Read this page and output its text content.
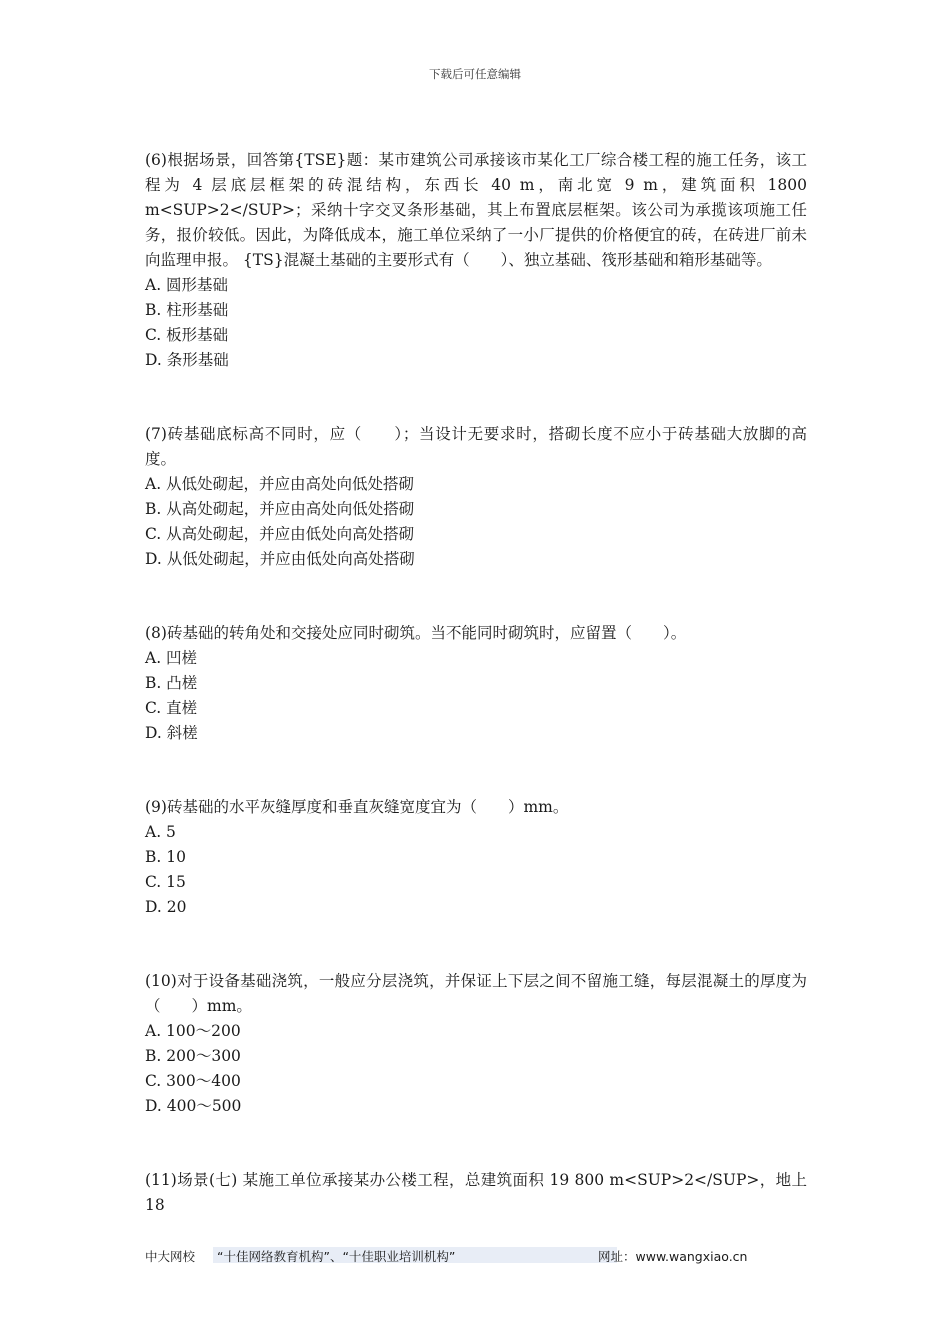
下载后可任意编辑

(6)根据场景，回答第{TSE}题：某市建筑公司承接该市某化工厂综合楼工程的施工任务，该工程为 4 层底层框架的砖混结构，东西长 40 m，南北宽 9 m，建筑面积 1800 m<SUP>2</SUP>；采纳十字交叉条形基础，其上布置底层框架。该公司为承揽该项施工任务，报价较低。因此，为降低成本，施工单位采纳了一小厂提供的价格便宜的砖，在砖进厂前未向监理申报。 {TS}混凝土基础的主要形式有（　　）、独立基础、筏形基础和箱形基础等。

A. 圆形基础

B. 柱形基础

C. 板形基础

D. 条形基础

(7)砖基础底标高不同时，应（　　）；当设计无要求时，搭砌长度不应小于砖基础大放脚的高度。

A. 从低处砌起，并应由高处向低处搭砌

B. 从高处砌起，并应由高处向低处搭砌

C. 从高处砌起，并应由低处向高处搭砌

D. 从低处砌起，并应由低处向高处搭砌

(8)砖基础的转角处和交接处应同时砌筑。当不能同时砌筑时，应留置（　　）。

A. 凹槎

B. 凸槎

C. 直槎

D. 斜槎

(9)砖基础的水平灰缝厚度和垂直灰缝宽度宜为（　　）mm。

A. 5

B. 10

C. 15

D. 20

(10)对于设备基础浇筑，一般应分层浇筑，并保证上下层之间不留施工缝，每层混凝土的厚度为（　　）mm。

A. 100～200

B. 200～300

C. 300～400

D. 400～500

(11)场景(七) 某施工单位承接某办公楼工程，总建筑面积 19 800 m<SUP>2</SUP>，地上 18

中大网校	“十佳网络教育机构”、“十佳职业培训机构”	网址：www.wangxiao.cn
